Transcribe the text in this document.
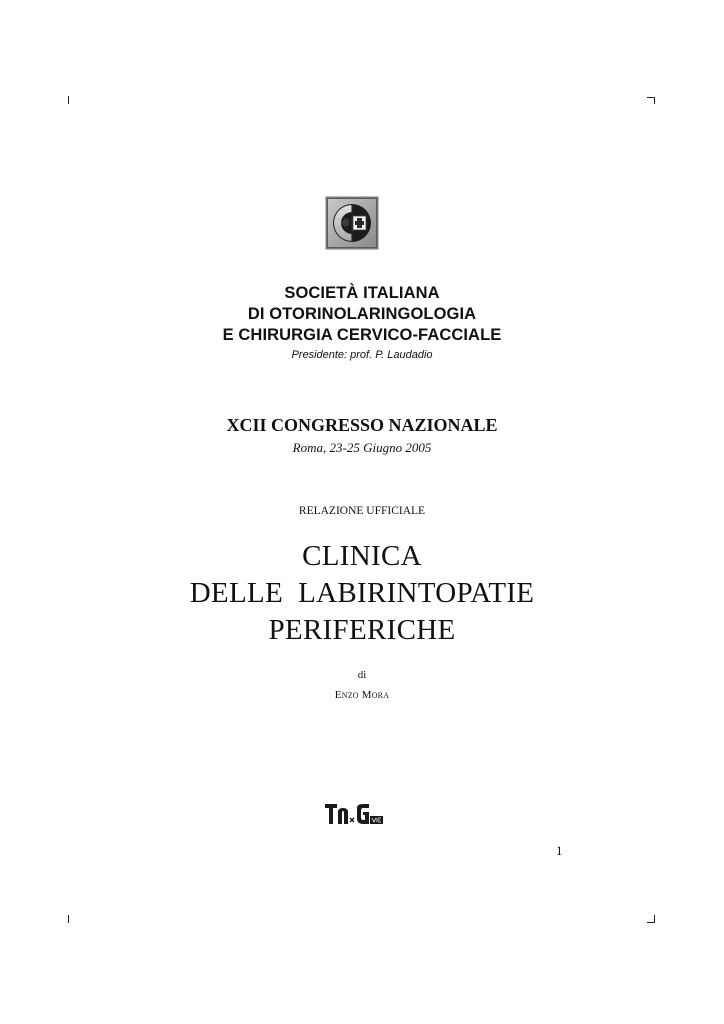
SOCIETÀ ITALIANA
DI OTORINOLARINGOLOGIA
E CHIRURGIA CERVICO-FACCIALE
Presidente: prof. P. Laudadio
XCII CONGRESSO NAZIONALE
Roma, 23-25 Giugno 2005
RELAZIONE UFFICIALE
CLINICA
DELLE  LABIRINTOPATIE
PERIFERICHE
di
Enzo Mora
1
